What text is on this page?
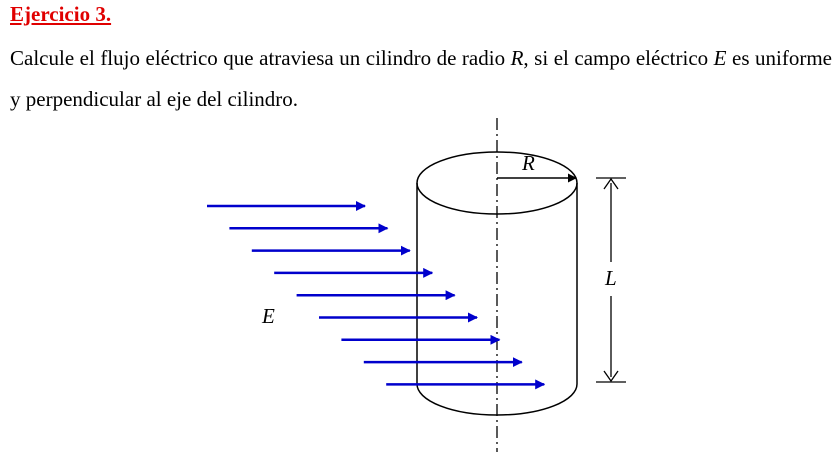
Ejercicio 3.
Calcule el flujo eléctrico que atraviesa un cilindro de radio R, si el campo eléctrico E es uniforme y perpendicular al eje del cilindro.
R
L
E
